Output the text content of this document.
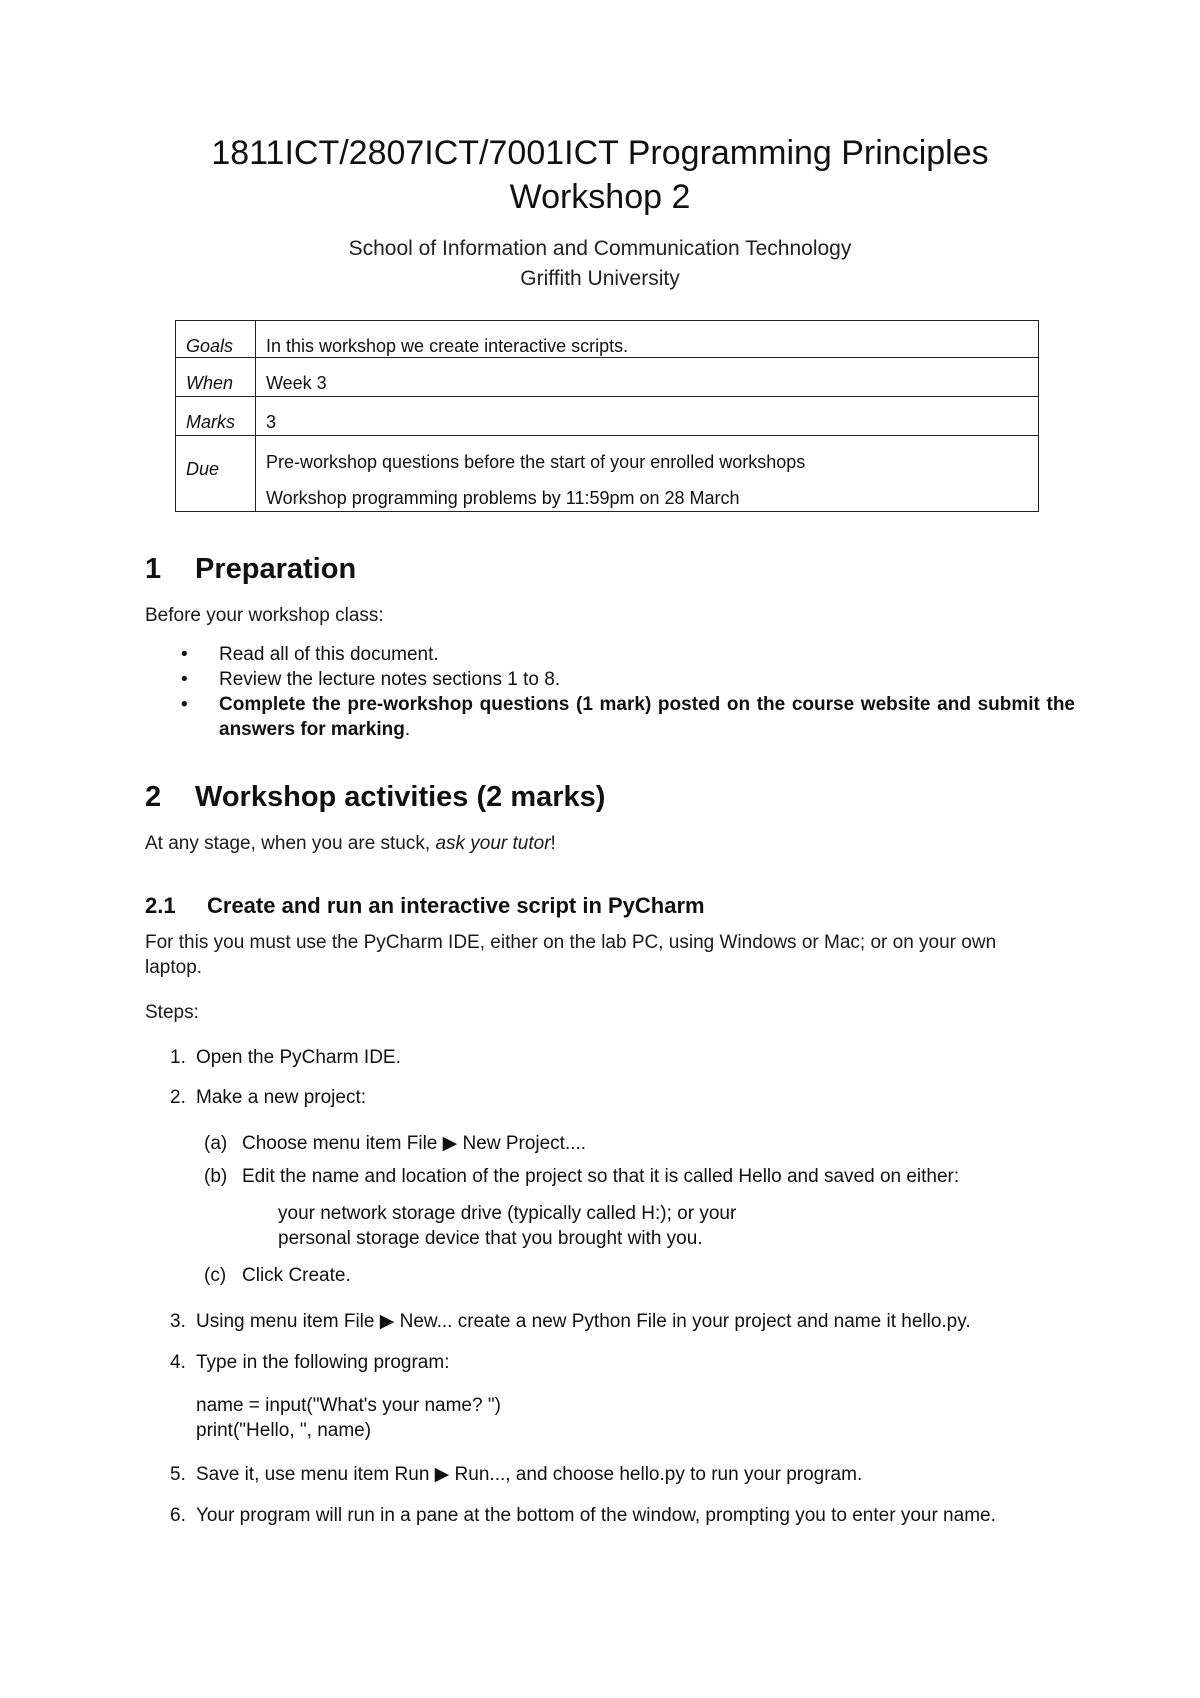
1811ICT/2807ICT/7001ICT Programming Principles
Workshop 2
School of Information and Communication Technology
Griffith University
Goals	In this workshop we create interactive scripts.
When	Week 3
Marks	3
Due	Pre-workshop questions before the start of your enrolled workshops
Workshop programming problems by 11:59pm on 28 March
1 Preparation

Before your workshop class:

• Read all of this document.
• Review the lecture notes sections 1 to 8.
• Complete the pre-workshop questions (1 mark) posted on the course website and submit the answers for marking.
2 Workshop activities (2 marks)

At any stage, when you are stuck, ask your tutor!

2.1 Create and run an interactive script in PyCharm

For this you must use the PyCharm IDE, either on the lab PC, using Windows or Mac; or on your own

laptop.

Steps:

1. Open the PyCharm IDE.
2. Make a new project:
(a) Choose menu item File ▶ New Project....
(b) Edit the name and location of the project so that it is called Hello and saved on either:
your network storage drive (typically called H:); or your
personal storage device that you brought with you.
(c) Click Create.
3. Using menu item File ▶ New... create a new Python File in your project and name it hello.py.
4. Type in the following program:
name = input("What's your name? ")
print("Hello, ", name)
5. Save it, use menu item Run ▶ Run..., and choose hello.py to run your program.
6. Your program will run in a pane at the bottom of the window, prompting you to enter your name.
